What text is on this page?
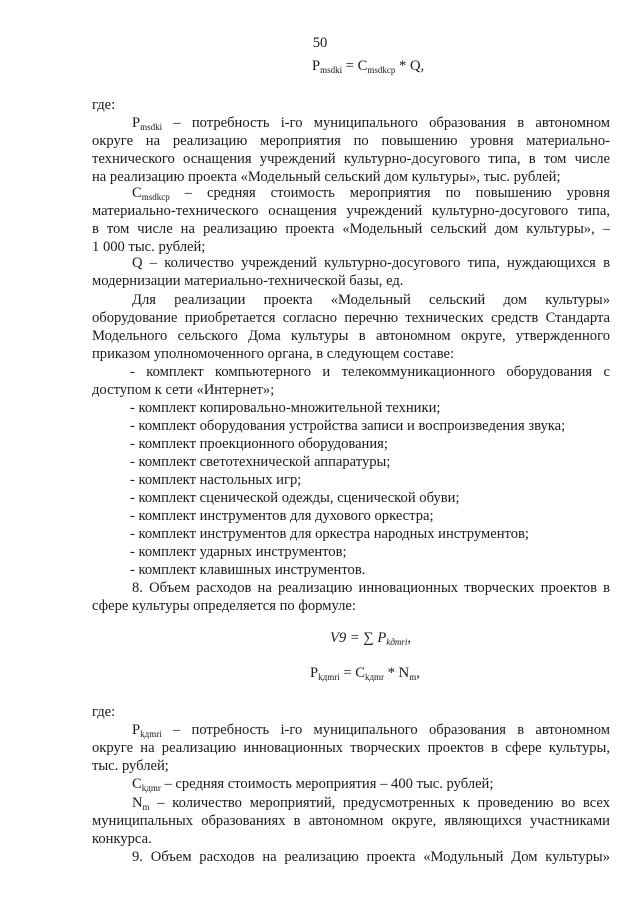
50
$P_{msdki} = C_{msdkcp} * Q$,
где:
$P_{msdki}$ – потребность i-го муниципального образования в автономном
округе на реализацию мероприятия по повышению уровня материально-
технического оснащения учреждений культурно-досугового типа, в том числе
на реализацию проекта «Модельный сельский дом культуры», тыс. рублей;
$C_{msdkcp}$ – средняя стоимость мероприятия по повышению уровня
материально-технического оснащения учреждений культурно-досугового типа,
в том числе на реализацию проекта «Модельный сельский дом культуры», –
1 000 тыс. рублей;
Q – количество учреждений культурно-досугового типа, нуждающихся в
модернизации материально-технической базы, ед.
Для реализации проекта «Модельный сельский дом культуры»
оборудование приобретается согласно перечню технических средств Стандарта
Модельного сельского Дома культуры в автономном округе, утвержденного
приказом уполномоченного органа, в следующем составе:
- комплект компьютерного и телекоммуникационного оборудования с
доступом к сети «Интернет»;
- комплект копировально-множительной техники;
- комплект оборудования устройства записи и воспроизведения звука;
- комплект проекционного оборудования;
- комплект светотехнической аппаратуры;
- комплект настольных игр;
- комплект сценической одежды, сценической обуви;
- комплект инструментов для духового оркестра;
- комплект инструментов для оркестра народных инструментов;
- комплект ударных инструментов;
- комплект клавишных инструментов.
8. Объем расходов на реализацию инновационных творческих проектов в
сфере культуры определяется по формуле:
V9 = ∑ $P_{kдmri}$,
$P_{kдmri} = C_{kдmr} * N_m$,
где:
$P_{kдmri}$ – потребность i-го муниципального образования в автономном
округе на реализацию инновационных творческих проектов в сфере культуры,
тыс. рублей;
$C_{kдmr}$ – средняя стоимость мероприятия – 400 тыс. рублей;
$N_m$ – количество мероприятий, предусмотренных к проведению во всех
муниципальных образованиях в автономном округе, являющихся участниками
конкурса.
9. Объем расходов на реализацию проекта «Модульный Дом культуры»
